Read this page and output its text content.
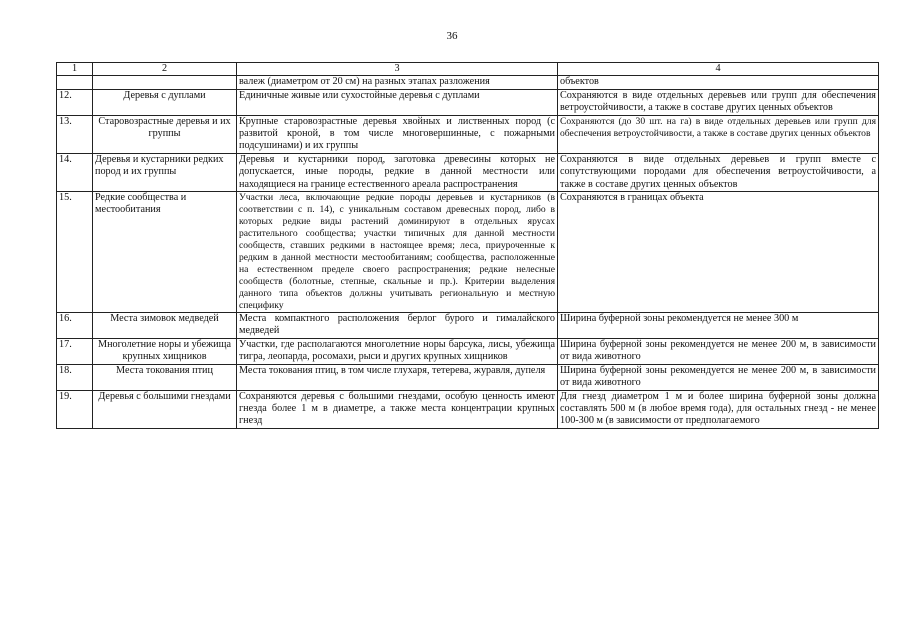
36
1	2	3	4
		валеж (диаметром от 20 см) на разных этапах разложения	объектов
12.	Деревья с дуплами	Единичные живые или сухостойные деревья с дуплами	Сохраняются в виде отдельных деревьев или групп для обеспечения ветроустойчивости, а также в составе других ценных объектов
13.	Старовозрастные деревья и их группы	Крупные старовозрастные деревья хвойных и лиственных пород (с развитой кроной, в том числе многовершинные, с пожарными подсушинами) и их группы	Сохраняются (до 30 шт. на га) в виде отдельных деревьев или групп для обеспечения ветроустойчивости, а также в составе других ценных объектов
14.	Деревья и кустарники редких пород и их группы	Деревья и кустарники пород, заготовка древесины которых не допускается, иные породы, редкие в данной местности или находящиеся на границе естественного ареала распространения	Сохраняются в виде отдельных деревьев и групп вместе с сопутствующими породами для обеспечения ветроустойчивости, а также в составе других ценных объектов
15.	Редкие сообщества и местообитания	Участки леса, включающие редкие породы деревьев и кустарников (в соответствии с п. 14), с уникальным составом древесных пород, либо в которых редкие виды растений доминируют в отдельных ярусах растительного сообщества; участки типичных для данной местности сообществ, ставших редкими в настоящее время; леса, приуроченные к редким в данной местности местообитаниям; сообщества, расположенные на естественном пределе своего распространения; редкие нелесные сообществ (болотные, степные, скальные и пр.). Критерии выделения данного типа объектов должны учитывать региональную и местную специфику	Сохраняются в границах объекта
16.	Места зимовок медведей	Места компактного расположения берлог бурого и гималайского медведей	Ширина буферной зоны рекомендуется не менее 300 м
17.	Многолетние норы и убежища крупных хищников	Участки, где располагаются многолетние норы барсука, лисы, убежища тигра, леопарда, росомахи, рыси и других крупных хищников	Ширина буферной зоны рекомендуется не менее 200 м, в зависимости от вида животного
18.	Места токования птиц	Места токования птиц, в том числе глухаря, тетерева, журавля, дупеля	Ширина буферной зоны рекомендуется не менее 200 м, в зависимости от вида животного
19.	Деревья с большими гнездами	Сохраняются деревья с большими гнездами, особую ценность имеют гнезда более 1 м в диаметре, а также места концентрации крупных гнезд	Для гнезд диаметром 1 м и более ширина буферной зоны должна составлять 500 м (в любое время года), для остальных гнезд - не менее 100-300 м (в зависимости от предполагаемого
